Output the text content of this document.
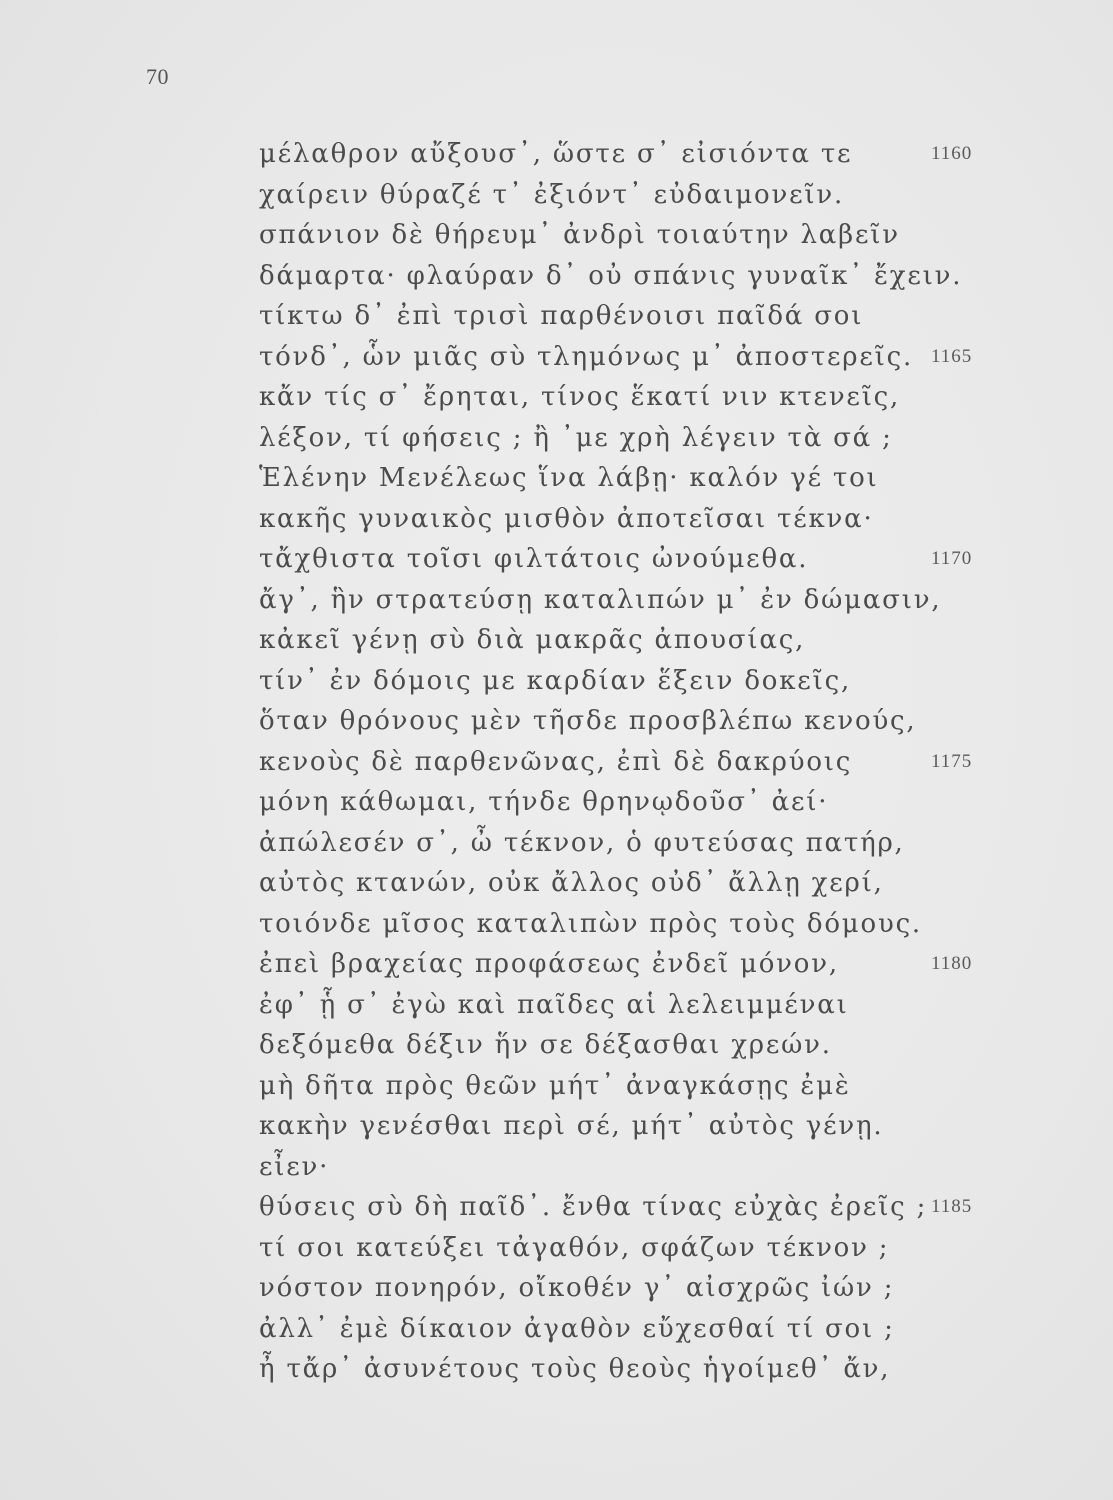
70
μέλαθρον αὔξουσ᾽, ὥστε σ᾽ εἰσιόντα τε	1160
χαίρειν θύραζέ τ᾽ ἐξιόντ᾽ εὐδαιμονεῖν.
σπάνιον δὲ θήρευμ᾽ ἀνδρὶ τοιαύτην λαβεῖν
δάμαρτα· φλαύραν δ᾽ οὐ σπάνις γυναῖκ᾽ ἔχειν.
τίκτω δ᾽ ἐπὶ τρισὶ παρθένοισι παῖδά σοι
τόνδ᾽, ὧν μιᾶς σὺ τλημόνως μ᾽ ἀποστερεῖς. 1165
κἄν τίς σ᾽ ἔρηται, τίνος ἕκατί νιν κτενεῖς,
λέξον, τί φήσεις ; ἢ ᾽με χρὴ λέγειν τὰ σά ;
Ἑλένην Μενέλεως ἵνα λάβῃ· καλόν γέ τοι
κακῆς γυναικὸς μισθὸν ἀποτεῖσαι τέκνα·
τἄχθιστα τοῖσι φιλτάτοις ὠνούμεθα.	1170
ἄγ᾽, ἣν στρατεύσῃ καταλιπών μ᾽ ἐν δώμασιν,
κἀκεῖ γένῃ σὺ διὰ μακρᾶς ἀπουσίας,
τίν᾽ ἐν δόμοις με καρδίαν ἕξειν δοκεῖς,
ὅταν θρόνους μὲν τῆσδε προσβλέπω κενούς,
κενοὺς δὲ παρθενῶνας, ἐπὶ δὲ δακρύοις	1175
μόνη κάθωμαι, τήνδε θρηνῳδοῦσ᾽ ἀεί·
ἀπώλεσέν σ᾽, ὦ τέκνον, ὁ φυτεύσας πατήρ,
αὐτὸς κτανών, οὐκ ἄλλος οὐδ᾽ ἄλλῃ χερί,
τοιόνδε μῖσος καταλιπὼν πρὸς τοὺς δόμους.
ἐπεὶ βραχείας προφάσεως ἐνδεῖ μόνον,	1180
ἐφ᾽ ᾗ σ᾽ ἐγὼ καὶ παῖδες αἱ λελειμμέναι
δεξόμεθα δέξιν ἥν σε δέξασθαι χρεών.
μὴ δῆτα πρὸς θεῶν μήτ᾽ ἀναγκάσῃς ἐμὲ
κακὴν γενέσθαι περὶ σέ, μήτ᾽ αὐτὸς γένῃ.
εἶεν·
θύσεις σὺ δὴ παῖδ᾽. ἔνθα τίνας εὐχὰς ἐρεῖς ; 1185
τί σοι κατεύξει τἀγαθόν, σφάζων τέκνον ;
νόστον πονηρόν, οἴκοθέν γ᾽ αἰσχρῶς ἰών ;
ἀλλ᾽ ἐμὲ δίκαιον ἀγαθὸν εὔχεσθαί τί σοι ;
ἦ τἄρ᾽ ἀσυνέτους τοὺς θεοὺς ἡγοίμεθ᾽ ἄν,
